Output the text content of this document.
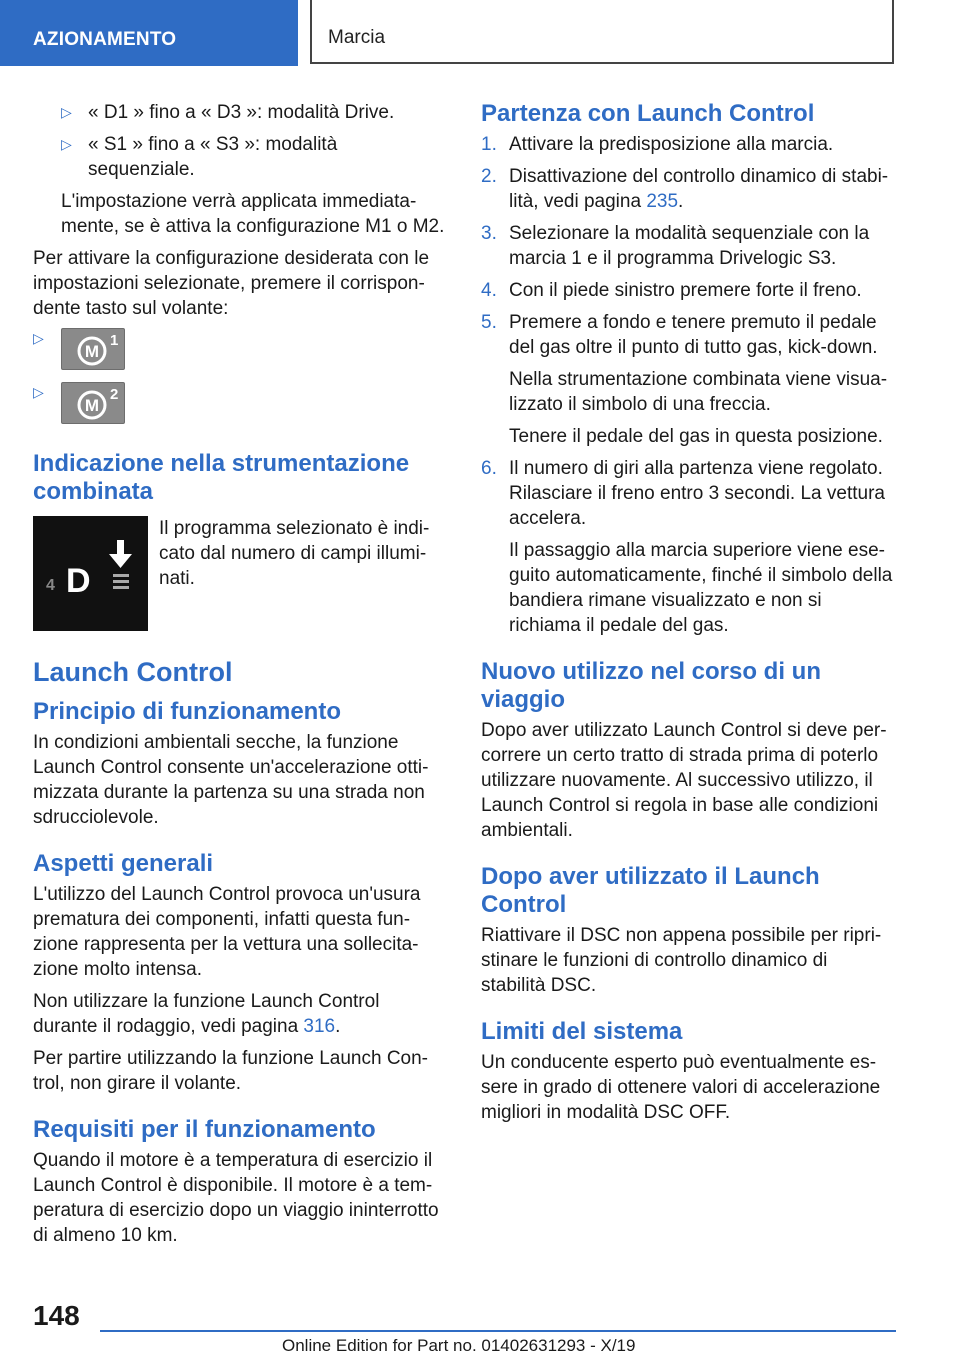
AZIONAMENTO	Marcia
▷ « D1 » fino a « D3 »: modalità Drive.
▷ « S1 » fino a « S3 »: modalità sequenziale.

L'impostazione verrà applicata immediata-mente, se è attiva la configurazione M1 o M2.

Per attivare la configurazione desiderata con le impostazioni selezionate, premere il corrispon-dente tasto sul volante:

▷
M
1
▷
M
2
Indicazione nella strumentazione combinata
4 D

Il programma selezionato è indi-cato dal numero di campi illumi-nati.

Launch Control
Principio di funzionamento

In condizioni ambientali secche, la funzione Launch Control consente un'accelerazione otti-mizzata durante la partenza su una strada non sdrucciolevole.

Aspetti generali

L'utilizzo del Launch Control provoca un'usura prematura dei componenti, infatti questa fun-zione rappresenta per la vettura una sollecita-zione molto intensa.

Non utilizzare la funzione Launch Control durante il rodaggio, vedi pagina 316.

Per partire utilizzando la funzione Launch Con-trol, non girare il volante.

Requisiti per il funzionamento

Quando il motore è a temperatura di esercizio il Launch Control è disponibile. Il motore è a tem-peratura di esercizio dopo un viaggio ininterrotto di almeno 10 km.

Partenza con Launch Control
1. Attivare la predisposizione alla marcia.
2. Disattivazione del controllo dinamico di stabi-lità, vedi pagina 235.
3. Selezionare la modalità sequenziale con la marcia 1 e il programma Drivelogic S3.
4. Con il piede sinistro premere forte il freno.
5. Premere a fondo e tenere premuto il pedale del gas oltre il punto di tutto gas, kick-down.

Nella strumentazione combinata viene visua-lizzato il simbolo di una freccia.

Tenere il pedale del gas in questa posizione.

6. Il numero di giri alla partenza viene regolato. Rilasciare il freno entro 3 secondi. La vettura accelera.

Il passaggio alla marcia superiore viene ese-guito automaticamente, finché il simbolo della bandiera rimane visualizzato e non si richiama il pedale del gas.

Nuovo utilizzo nel corso di un viaggio

Dopo aver utilizzato Launch Control si deve per-correre un certo tratto di strada prima di poterlo utilizzare nuovamente. Al successivo utilizzo, il Launch Control si regola in base alle condizioni ambientali.

Dopo aver utilizzato il Launch Control

Riattivare il DSC non appena possibile per ripri-stinare le funzioni di controllo dinamico di stabilità DSC.

Limiti del sistema

Un conducente esperto può eventualmente es-sere in grado di ottenere valori di accelerazione migliori in modalità DSC OFF.

148
Online Edition for Part no. 01402631293 - X/19
